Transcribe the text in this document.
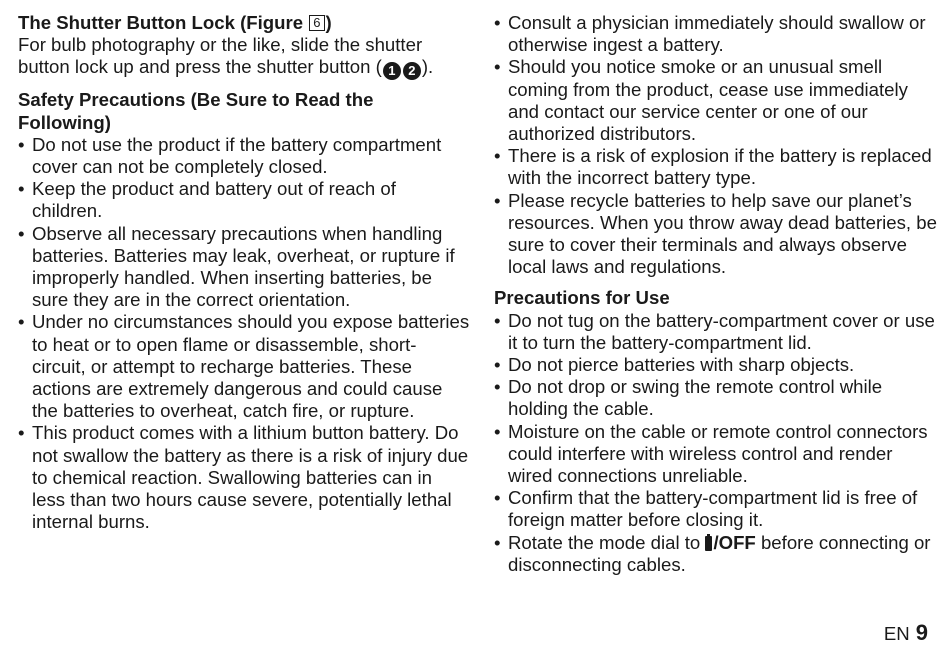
The Shutter Button Lock (Figure 6 )

For bulb photography or the like, slide the shutter button lock up and press the shutter button ( 1 2 ).

Safety Precautions (Be Sure to Read the Following)
• Do not use the product if the battery compartment cover can not be completely closed.
• Keep the product and battery out of reach of children.
• Observe all necessary precautions when handling batteries. Batteries may leak, overheat, or rupture if improperly handled. When inserting batteries, be sure they are in the correct orientation.
• Under no circumstances should you expose batteries to heat or to open flame or disassemble, short-circuit, or attempt to recharge batteries. These actions are extremely dangerous and could cause the batteries to overheat, catch fire, or rupture.
• This product comes with a lithium button battery. Do not swallow the battery as there is a risk of injury due to chemical reaction. Swallowing batteries can in less than two hours cause severe, potentially lethal internal burns.
• Consult a physician immediately should swallow or otherwise ingest a battery.
• Should you notice smoke or an unusual smell coming from the product, cease use immediately and contact our service center or one of our authorized distributors.
• There is a risk of explosion if the battery is replaced with the incorrect battery type.
• Please recycle batteries to help save our planet’s resources. When you throw away dead batteries, be sure to cover their terminals and always observe local laws and regulations.
Precautions for Use
• Do not tug on the battery-compartment cover or use it to turn the battery-compartment lid.
• Do not pierce batteries with sharp objects.
• Do not drop or swing the remote control while holding the cable.
• Moisture on the cable or remote control connectors could interfere with wireless control and render wired connections unreliable.
• Confirm that the battery-compartment lid is free of foreign matter before closing it.
• Rotate the mode dial to /OFF before connecting or disconnecting cables.
EN 9
